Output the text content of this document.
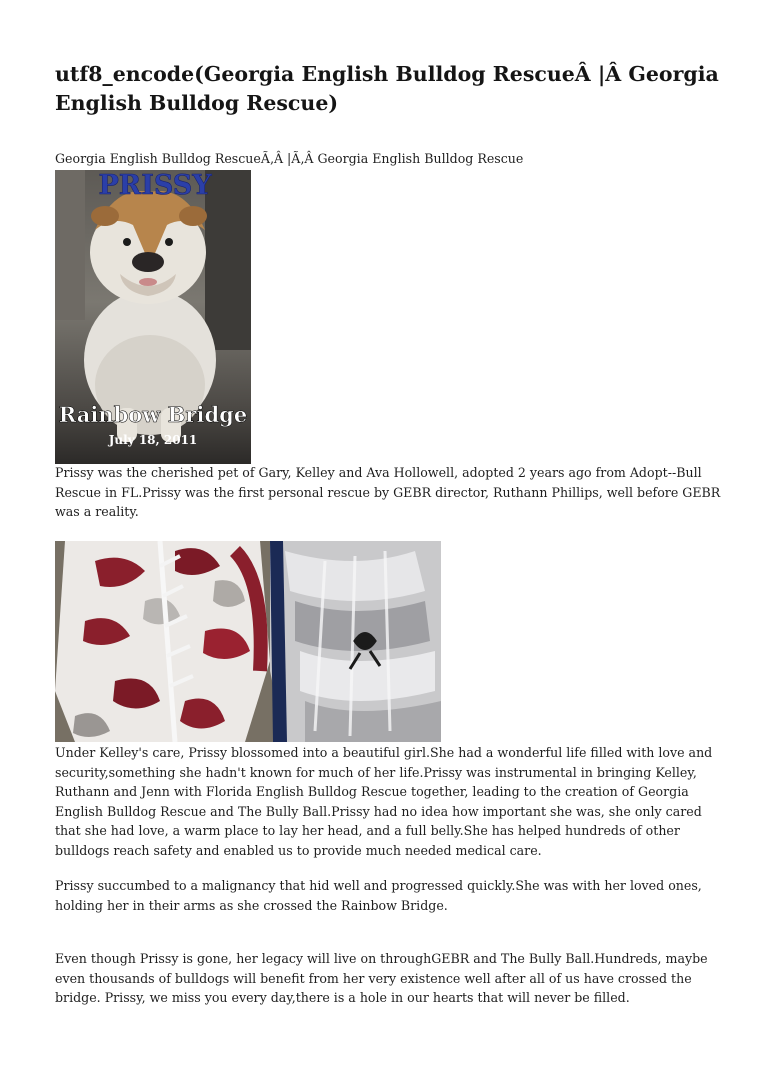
utf8_encode(Georgia English Bulldog RescueÂ |Â Georgia English Bulldog Rescue)

Georgia English Bulldog RescueÃ‚Â |Ã‚Â Georgia English Bulldog Rescue

PRISSY
Rainbow Bridge
July 18, 2011

Prissy was the cherished pet of Gary, Kelley and Ava Hollowell, adopted 2 years ago from Adopt--Bull Rescue in FL.Prissy was the first personal rescue by GEBR director, Ruthann Phillips, well before GEBR was a reality.

Under Kelley's care, Prissy blossomed into a beautiful girl.She had a wonderful life filled with love and security,something she hadn't known for much of her life.Prissy was instrumental in bringing Kelley, Ruthann and Jenn with Florida English Bulldog Rescue together, leading to the creation of Georgia English Bulldog Rescue and The Bully Ball.Prissy had no idea how important she was, she only cared that she had love, a warm place to lay her head, and a full belly.She has helped hundreds of other bulldogs reach safety and enabled us to provide much needed medical care.

Prissy succumbed to a malignancy that hid well and progressed quickly.She was with her loved ones, holding her in their arms as she crossed the Rainbow Bridge.

Even though Prissy is gone, her legacy will live on throughGEBR and The Bully Ball.Hundreds, maybe even thousands of bulldogs will benefit from her very existence well after all of us have crossed the bridge. Prissy, we miss you every day,there is a hole in our hearts that will never be filled.
